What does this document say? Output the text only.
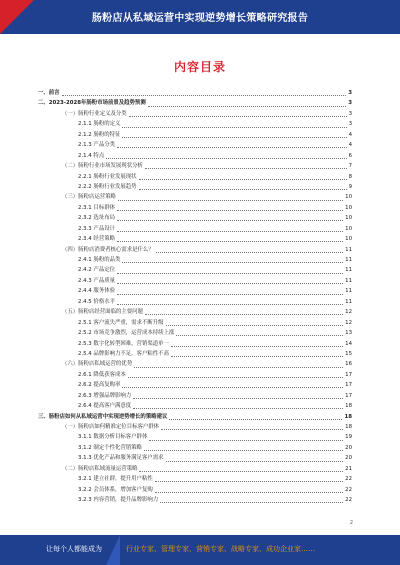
肠粉店从私域运营中实现逆势增长策略研究报告
内容目录
一、前言	3
二、2023-2028年肠粉市场前景及趋势预测	3
（一）肠粉行业定义及分类	3
2.1.1 肠粉的定义	3
2.1.2 肠粉的特征	4
2.1.3 产品分类	4
2.1.4 特点	6
（二）肠粉行业市场发展现状分析	7
2.2.1 肠粉行业发展现状	8
2.2.2 肠粉行业发展趋势	9
（三）肠粉店运营策略	10
2.3.1 目标群体	10
2.3.2 选址布局	10
2.3.3 产品设计	10
2.3.4 经营策略	10
（四）肠粉店消费者核心需求是什么？	11
2.4.1 肠粉的品类	11
2.4.2 产品定位	11
2.4.3 产品质量	11
2.4.4 服务体验	11
2.4.5 价格水平	11
（五）肠粉店经营面临的主要问题	12
2.5.1 客户流失严重，需求不断升级	12
2.5.2 市场竞争激烈，运营成本持续上涨	13
2.5.3 数字化转型困难，营销渠道单一	14
2.5.4 品牌影响力不足，客户粘性不高	15
（六）肠粉店私域运营的优势	16
2.6.1 降低获客成本	17
2.6.2 提高复购率	17
2.6.3 增强品牌影响力	17
2.6.4 提高客户满意度	18
三、肠粉店如何从私域运营中实现逆势增长的策略建议	18
（一）肠粉店如何精准定位目标客户群体	18
3.1.1 数据分析目标客户群体	19
3.1.2 制定个性化营销策略	20
3.1.3 优化产品和服务满足客户需求	20
（二）肠粉店私域流量运营策略	21
3.2.1 建立社群，提升用户粘性	22
3.2.2 会员体系，增加客户复购	22
3.2.3 内容营销，提升品牌影响力	22
2
让每个人都能成为	行业专家、管理专家、营销专家、战略专家、成功企业家……
